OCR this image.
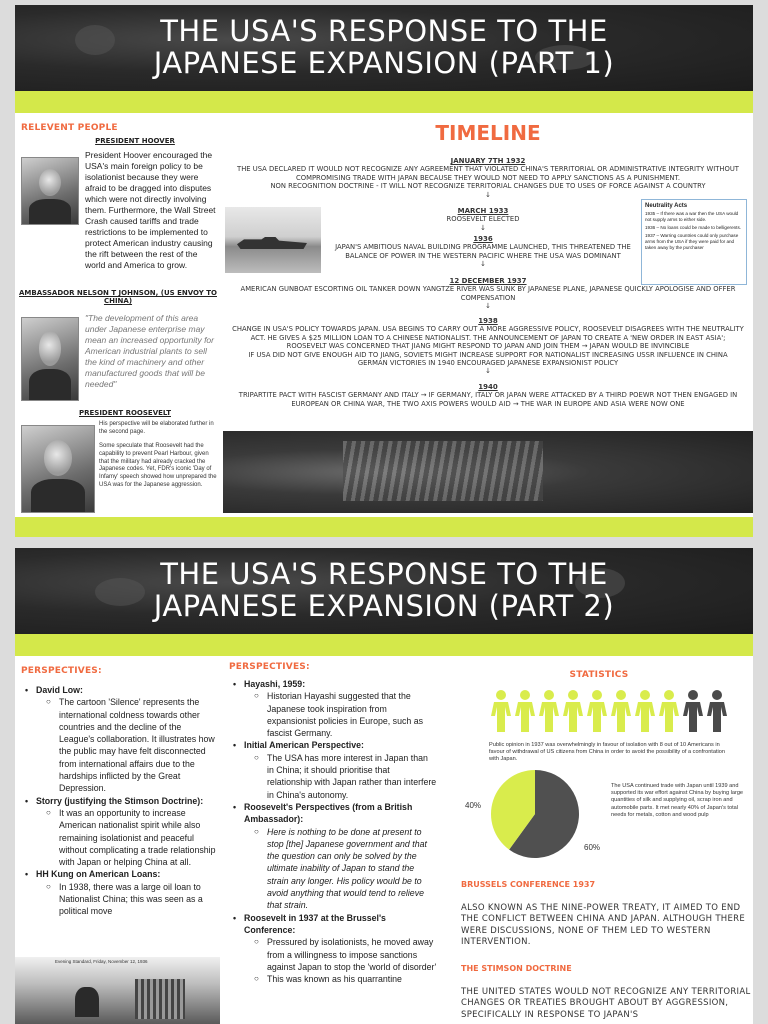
THE USA'S RESPONSE TO THE
JAPANESE EXPANSION (PART 1)
RELEVENT PEOPLE
PRESIDENT HOOVER
President Hoover encouraged the USA's main foreign policy to be isolationist because they were afraid to be dragged into disputes which were not directly involving them. Furthermore, the Wall Street Crash caused tariffs and trade restrictions to be implemented to protect American industry causing the rift between the rest of the world and America to grow.
AMBASSADOR NELSON T JOHNSON, (US ENVOY TO CHINA)
"The development of this area under Japanese enterprise may mean an increased opportunity for American industrial plants to sell the kind of machinery and other manufactured goods that will be needed"
PRESIDENT ROOSEVELT
His perspective will be elaborated further in the second page.
Some speculate that Roosevelt had the capability to prevent Pearl Harbour, given that the military had already cracked the Japanese codes. Yet, FDR's iconic 'Day of Infamy' speech showed how unprepared the USA was for the Japanese aggression.
TIMELINE
JANUARY 7TH 1932
THE USA DECLARED IT WOULD NOT RECOGNIZE ANY AGREEMENT THAT VIOLATED CHINA'S TERRITORIAL OR ADMINISTRATIVE INTEGRITY WITHOUT COMPROMISING TRADE WITH JAPAN BECAUSE THEY WOULD NOT NEED TO APPLY SANCTIONS AS A PUNISHMENT.
NON RECOGNITION DOCTRINE - IT WILL NOT RECOGNIZE TERRITORIAL CHANGES DUE TO USES OF FORCE AGAINST A COUNTRY
↓
MARCH 1933
ROOSEVELT ELECTED
↓
1936
JAPAN'S AMBITIOUS NAVAL BUILDING PROGRAMME LAUNCHED, THIS THREATENED THE BALANCE OF POWER IN THE WESTERN PACIFIC WHERE THE USA WAS DOMINANT
↓
12 DECEMBER 1937
AMERICAN GUNBOAT ESCORTING OIL TANKER DOWN YANGTZE RIVER WAS SUNK BY JAPANESE PLANE, JAPANESE QUICKLY APOLOGISE AND OFFER COMPENSATION
↓
1938
CHANGE IN USA'S POLICY TOWARDS JAPAN. USA BEGINS TO CARRY OUT A MORE AGGRESSIVE POLICY, ROOSEVELT DISAGREES WITH THE NEUTRALITY ACT. HE GIVES A $25 MILLION LOAN TO A CHINESE NATIONALIST. THE ANNOUNCEMENT OF JAPAN TO CREATE A 'NEW ORDER IN EAST ASIA'; ROOSEVELT WAS CONCERNED THAT JIANG MIGHT RESPOND TO JAPAN AND JOIN THEM → JAPAN WOULD BE INVINCIBLE
IF USA DID NOT GIVE ENOUGH AID TO JIANG, SOVIETS MIGHT INCREASE SUPPORT FOR NATIONALIST INCREASING USSR INFLUENCE IN CHINA
GERMAN VICTORIES IN 1940 ENCOURAGED JAPANESE EXPANSIONIST POLICY
↓
1940
TRIPARTITE PACT WITH FASCIST GERMANY AND ITALY → IF GERMANY, ITALY OR JAPAN WERE ATTACKED BY A THIRD POEWR NOT THEN ENGAGED IN EUROPEAN OR CHINA WAR, THE TWO AXIS POWERS WOULD AID → THE WAR IN EUROPE AND ASIA WERE NOW ONE
Neutrality Acts
1935 – If there was a war then the USA would not supply arms to either side.
1936 – No loans could be made to belligerents.
1937 – Warring countries could only purchase arms from the USA if they were paid for and taken away by the purchaser
THE USA'S RESPONSE TO THE
JAPANESE EXPANSION (PART 2)
PERSPECTIVES:
• David Low:
○ The cartoon 'Silence' represents the international coldness towards other countries and the decline of the League's collaboration. It illustrates how the public may have felt disconnected from international affairs due to the hardships inflicted by the Great Depression.
• Storry (justifying the Stimson Doctrine):
○ It was an opportunity to increase American nationalist spirit while also remaining isolationist and peaceful without complicating a trade relationship with Japan or helping China at all.
• HH Kung on American Loans:
○ In 1938, there was a large oil loan to Nationalist China; this was seen as a political move
Evening Standard, Friday, November 12, 1936
PERSPECTIVES:
• Hayashi, 1959:
○ Historian Hayashi suggested that the Japanese took inspiration from expansionist policies in Europe, such as fascist Germany.
• Initial American Perspective:
○ The USA has more interest in Japan than in China; it should prioritise that relationship with Japan rather than interfere in China's autonomy.
• Roosevelt's Perspectives (from a British Ambassador):
○ Here is nothing to be done at present to stop [the] Japanese government and that the question can only be solved by the ultimate inability of Japan to stand the strain any longer. His policy would be to avoid anything that would tend to relieve that strain.
• Roosevelt in 1937 at the Brussel's Conference:
○ Pressured by isolationists, he moved away from a willingness to impose sanctions against Japan to stop the 'world of disorder'
○ This was known as his quarrantine
STATISTICS
Public opinion in 1937 was overwhelmingly in favour of isolation with 8 out of 10 Americans in favour of withdrawal of US citizens from China in order to avoid the possibility of a confrontation with Japan.
40%
60%
The USA continued trade with Japan until 1939 and supported its war effort against China by buying large quantities of silk and supplying oil, scrap iron and automobile parts. It met nearly 40% of Japan's total needs for metals, cotton and wood pulp
BRUSSELS CONFERENCE 1937
ALSO KNOWN AS THE NINE-POWER TREATY, IT AIMED TO END THE CONFLICT BETWEEN CHINA AND JAPAN. ALTHOUGH THERE WERE DISCUSSIONS, NONE OF THEM LED TO WESTERN INTERVENTION.
THE STIMSON DOCTRINE
THE UNITED STATES WOULD NOT RECOGNIZE ANY TERRITORIAL CHANGES OR TREATIES BROUGHT ABOUT BY AGGRESSION, SPECIFICALLY IN RESPONSE TO JAPAN'S
